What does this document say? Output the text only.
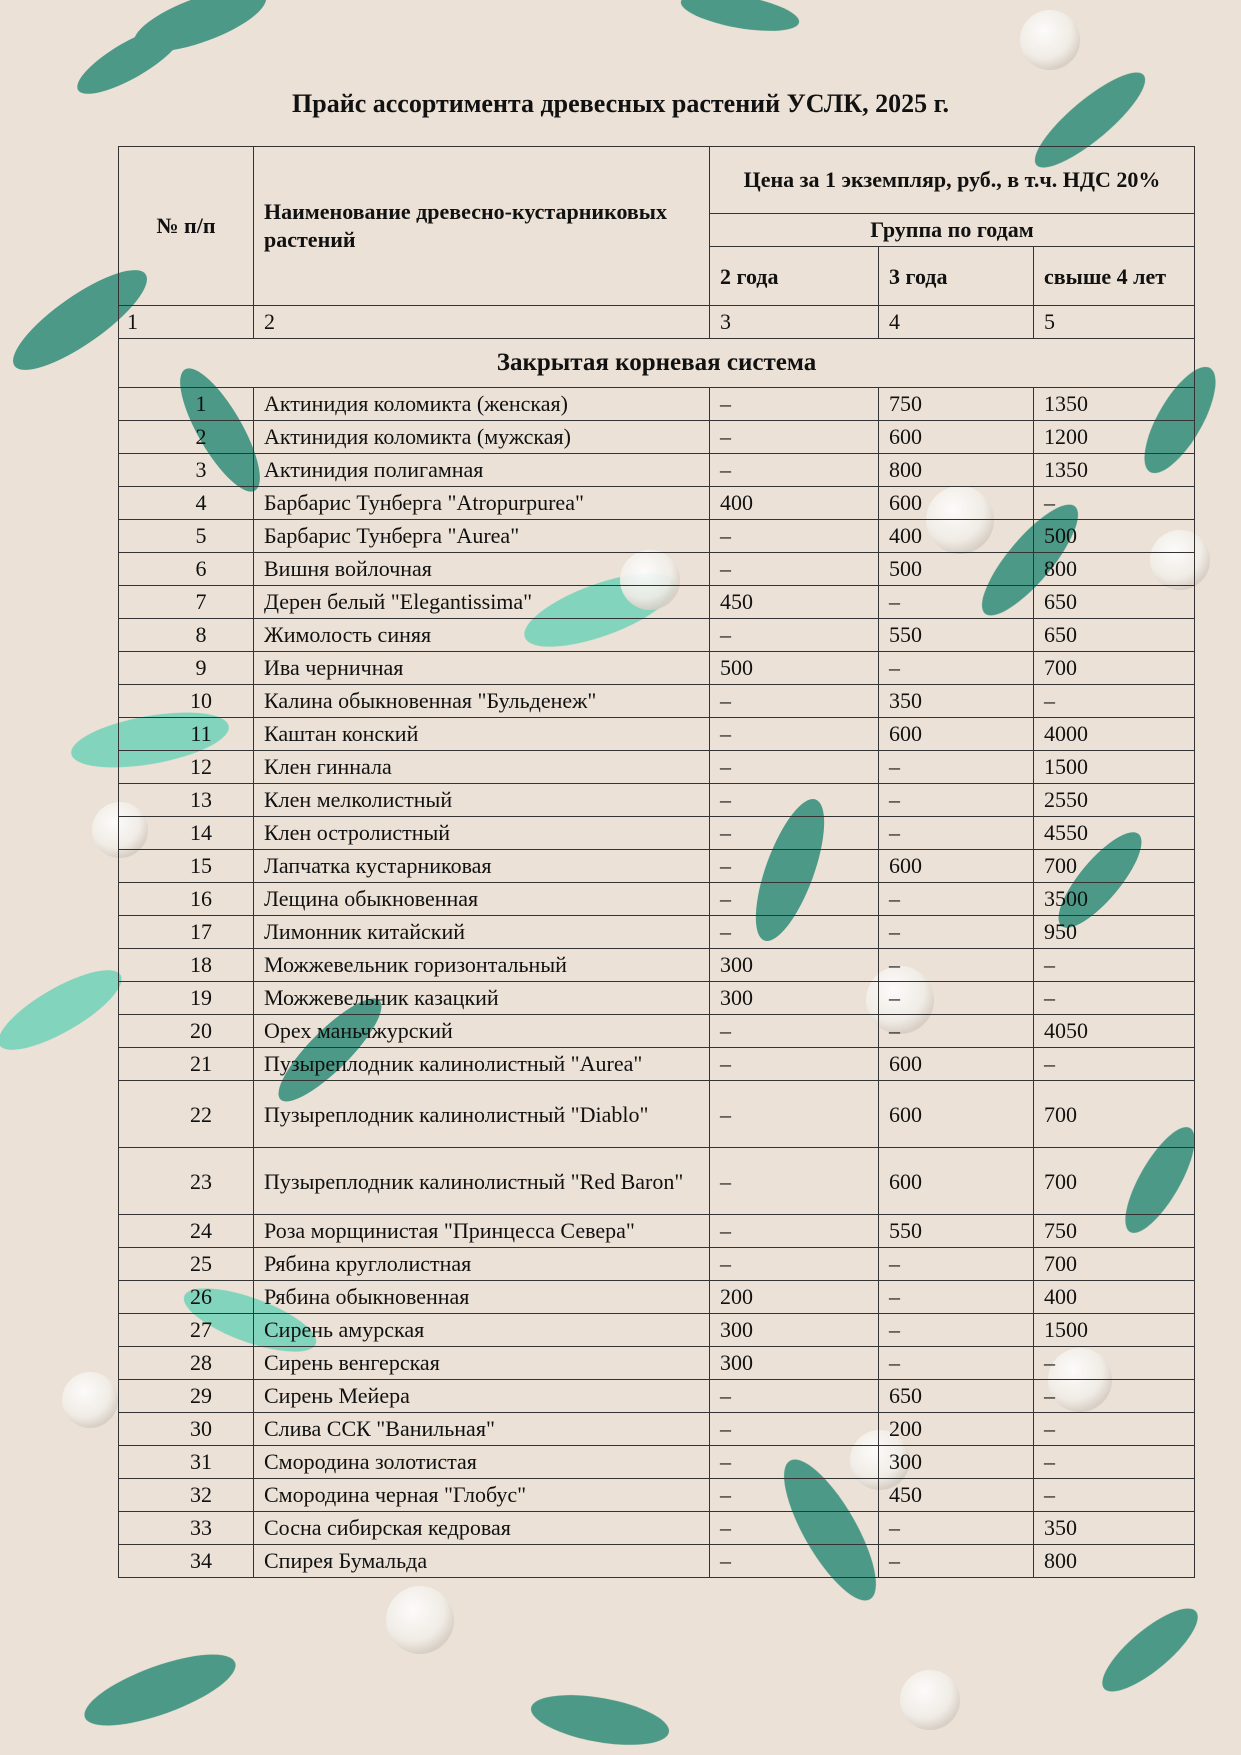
Прайс ассортимента древесных растений УСЛК, 2025 г.
№ п/п	Наименование древесно-кустарниковых растений	Цена за 1 экземпляр, руб., в т.ч. НДС 20%		
		Группа по годам		
		2 года	3 года	свыше 4 лет
1	2	3	4	5
Закрытая корневая система				
1	Актинидия коломикта (женская)	–	750	1350
2	Актинидия коломикта (мужская)	–	600	1200
3	Актинидия полигамная	–	800	1350
4	Барбарис Тунберга "Atropurpurea"	400	600	–
5	Барбарис Тунберга "Aurea"	–	400	500
6	Вишня войлочная	–	500	800
7	Дерен белый "Elegantissima"	450	–	650
8	Жимолость синяя	–	550	650
9	Ива черничная	500	–	700
10	Калина обыкновенная "Бульденеж"	–	350	–
11	Каштан конский	–	600	4000
12	Клен гиннала	–	–	1500
13	Клен мелколистный	–	–	2550
14	Клен остролистный	–	–	4550
15	Лапчатка кустарниковая	–	600	700
16	Лещина обыкновенная	–	–	3500
17	Лимонник китайский	–	–	950
18	Можжевельник горизонтальный	300	–	–
19	Можжевельник казацкий	300	–	–
20	Орех маньчжурский	–	–	4050
21	Пузыреплодник калинолистный "Aurea"	–	600	–
22	Пузыреплодник калинолистный "Diablo"	–	600	700
23	Пузыреплодник калинолистный "Red Baron"	–	600	700
24	Роза морщинистая "Принцесса Севера"	–	550	750
25	Рябина круглолистная	–	–	700
26	Рябина обыкновенная	200	–	400
27	Сирень амурская	300	–	1500
28	Сирень венгерская	300	–	–
29	Сирень Мейера	–	650	–
30	Слива ССК "Ванильная"	–	200	–
31	Смородина золотистая	–	300	–
32	Смородина черная "Глобус"	–	450	–
33	Сосна сибирская кедровая	–	–	350
34	Спирея Бумальда	–	–	800
